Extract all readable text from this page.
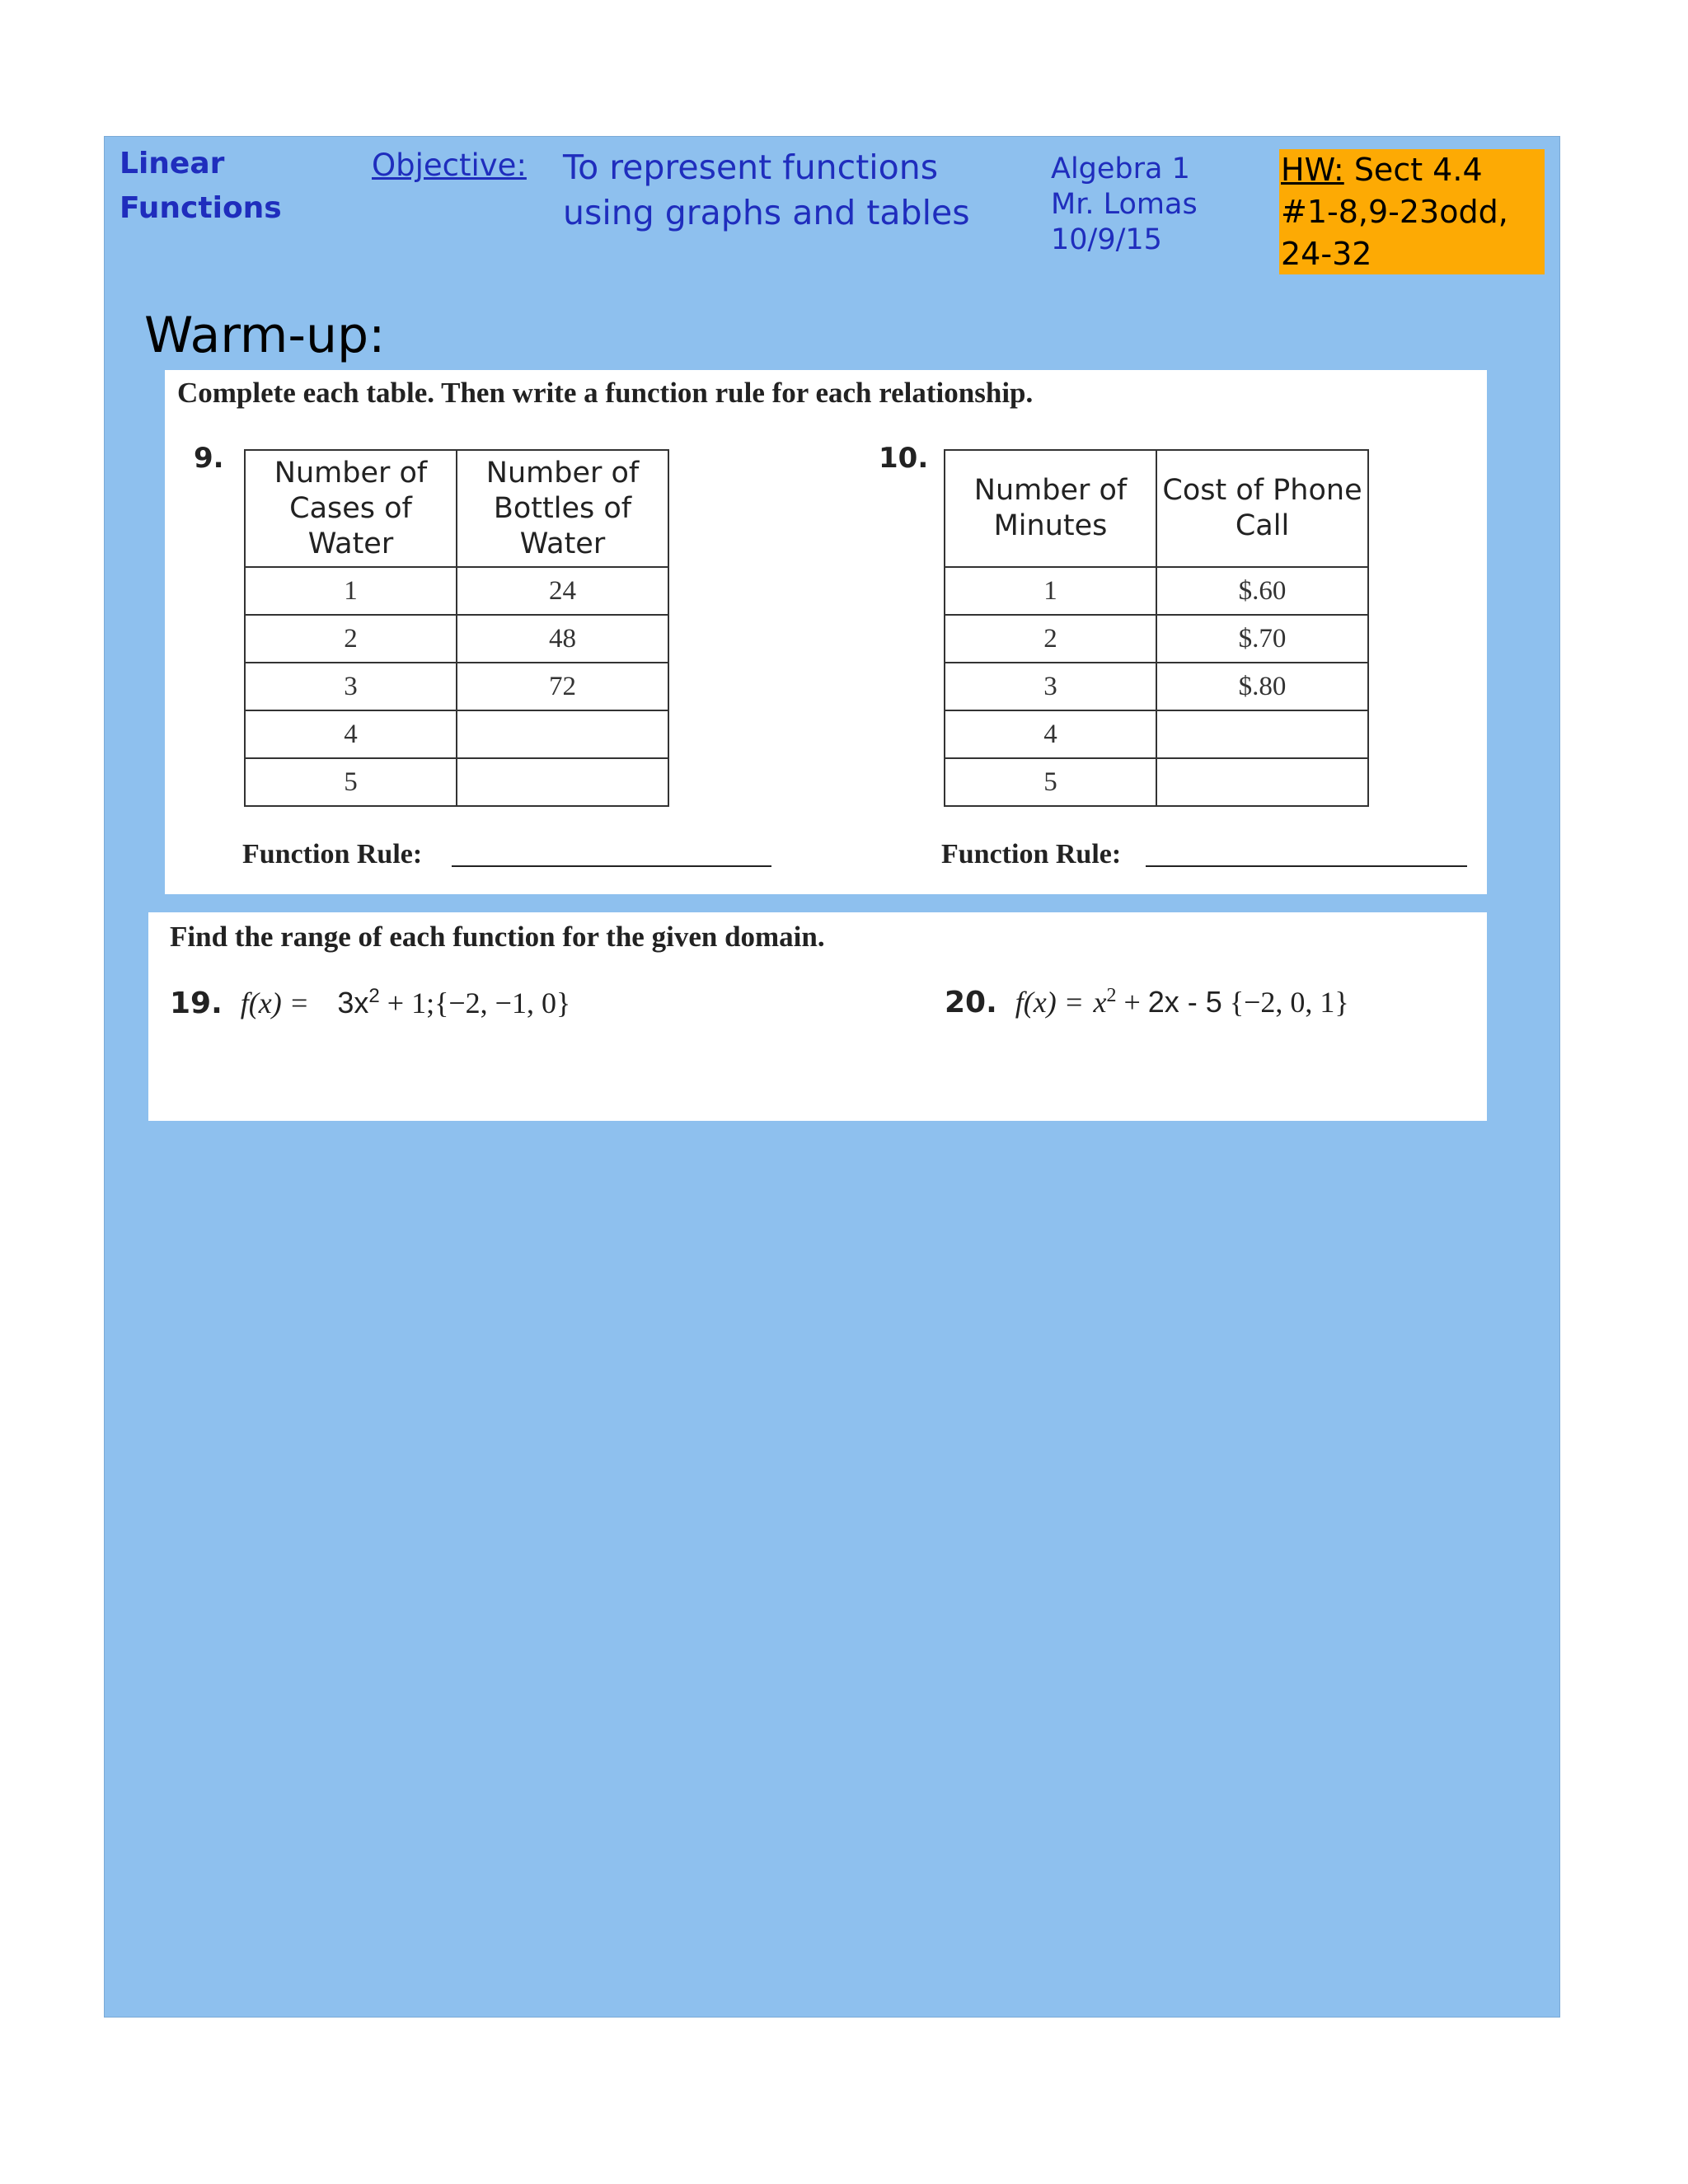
Linear Functions
Objective: To represent functions using graphs and tables
Algebra 1
Mr. Lomas
10/9/15
HW: Sect 4.4 #1-8,9-23odd, 24-32
Warm-up:
Complete each table. Then write a function rule for each relationship.
9. Number of Cases of Water	Number of Bottles of Water
1	24
2	48
3	72
4	
5	
Function Rule:
10.
Number of Minutes	Cost of Phone Call
1	$.60
2	$.70
3	$.80
4	
5	
Function Rule:
Find the range of each function for the given domain.
19. $f(x) = 3x^2$ + 1;{−2, −1, 0}	20. $f(x) = x^2 + 2x - 5$ {−2, 0, 1}
